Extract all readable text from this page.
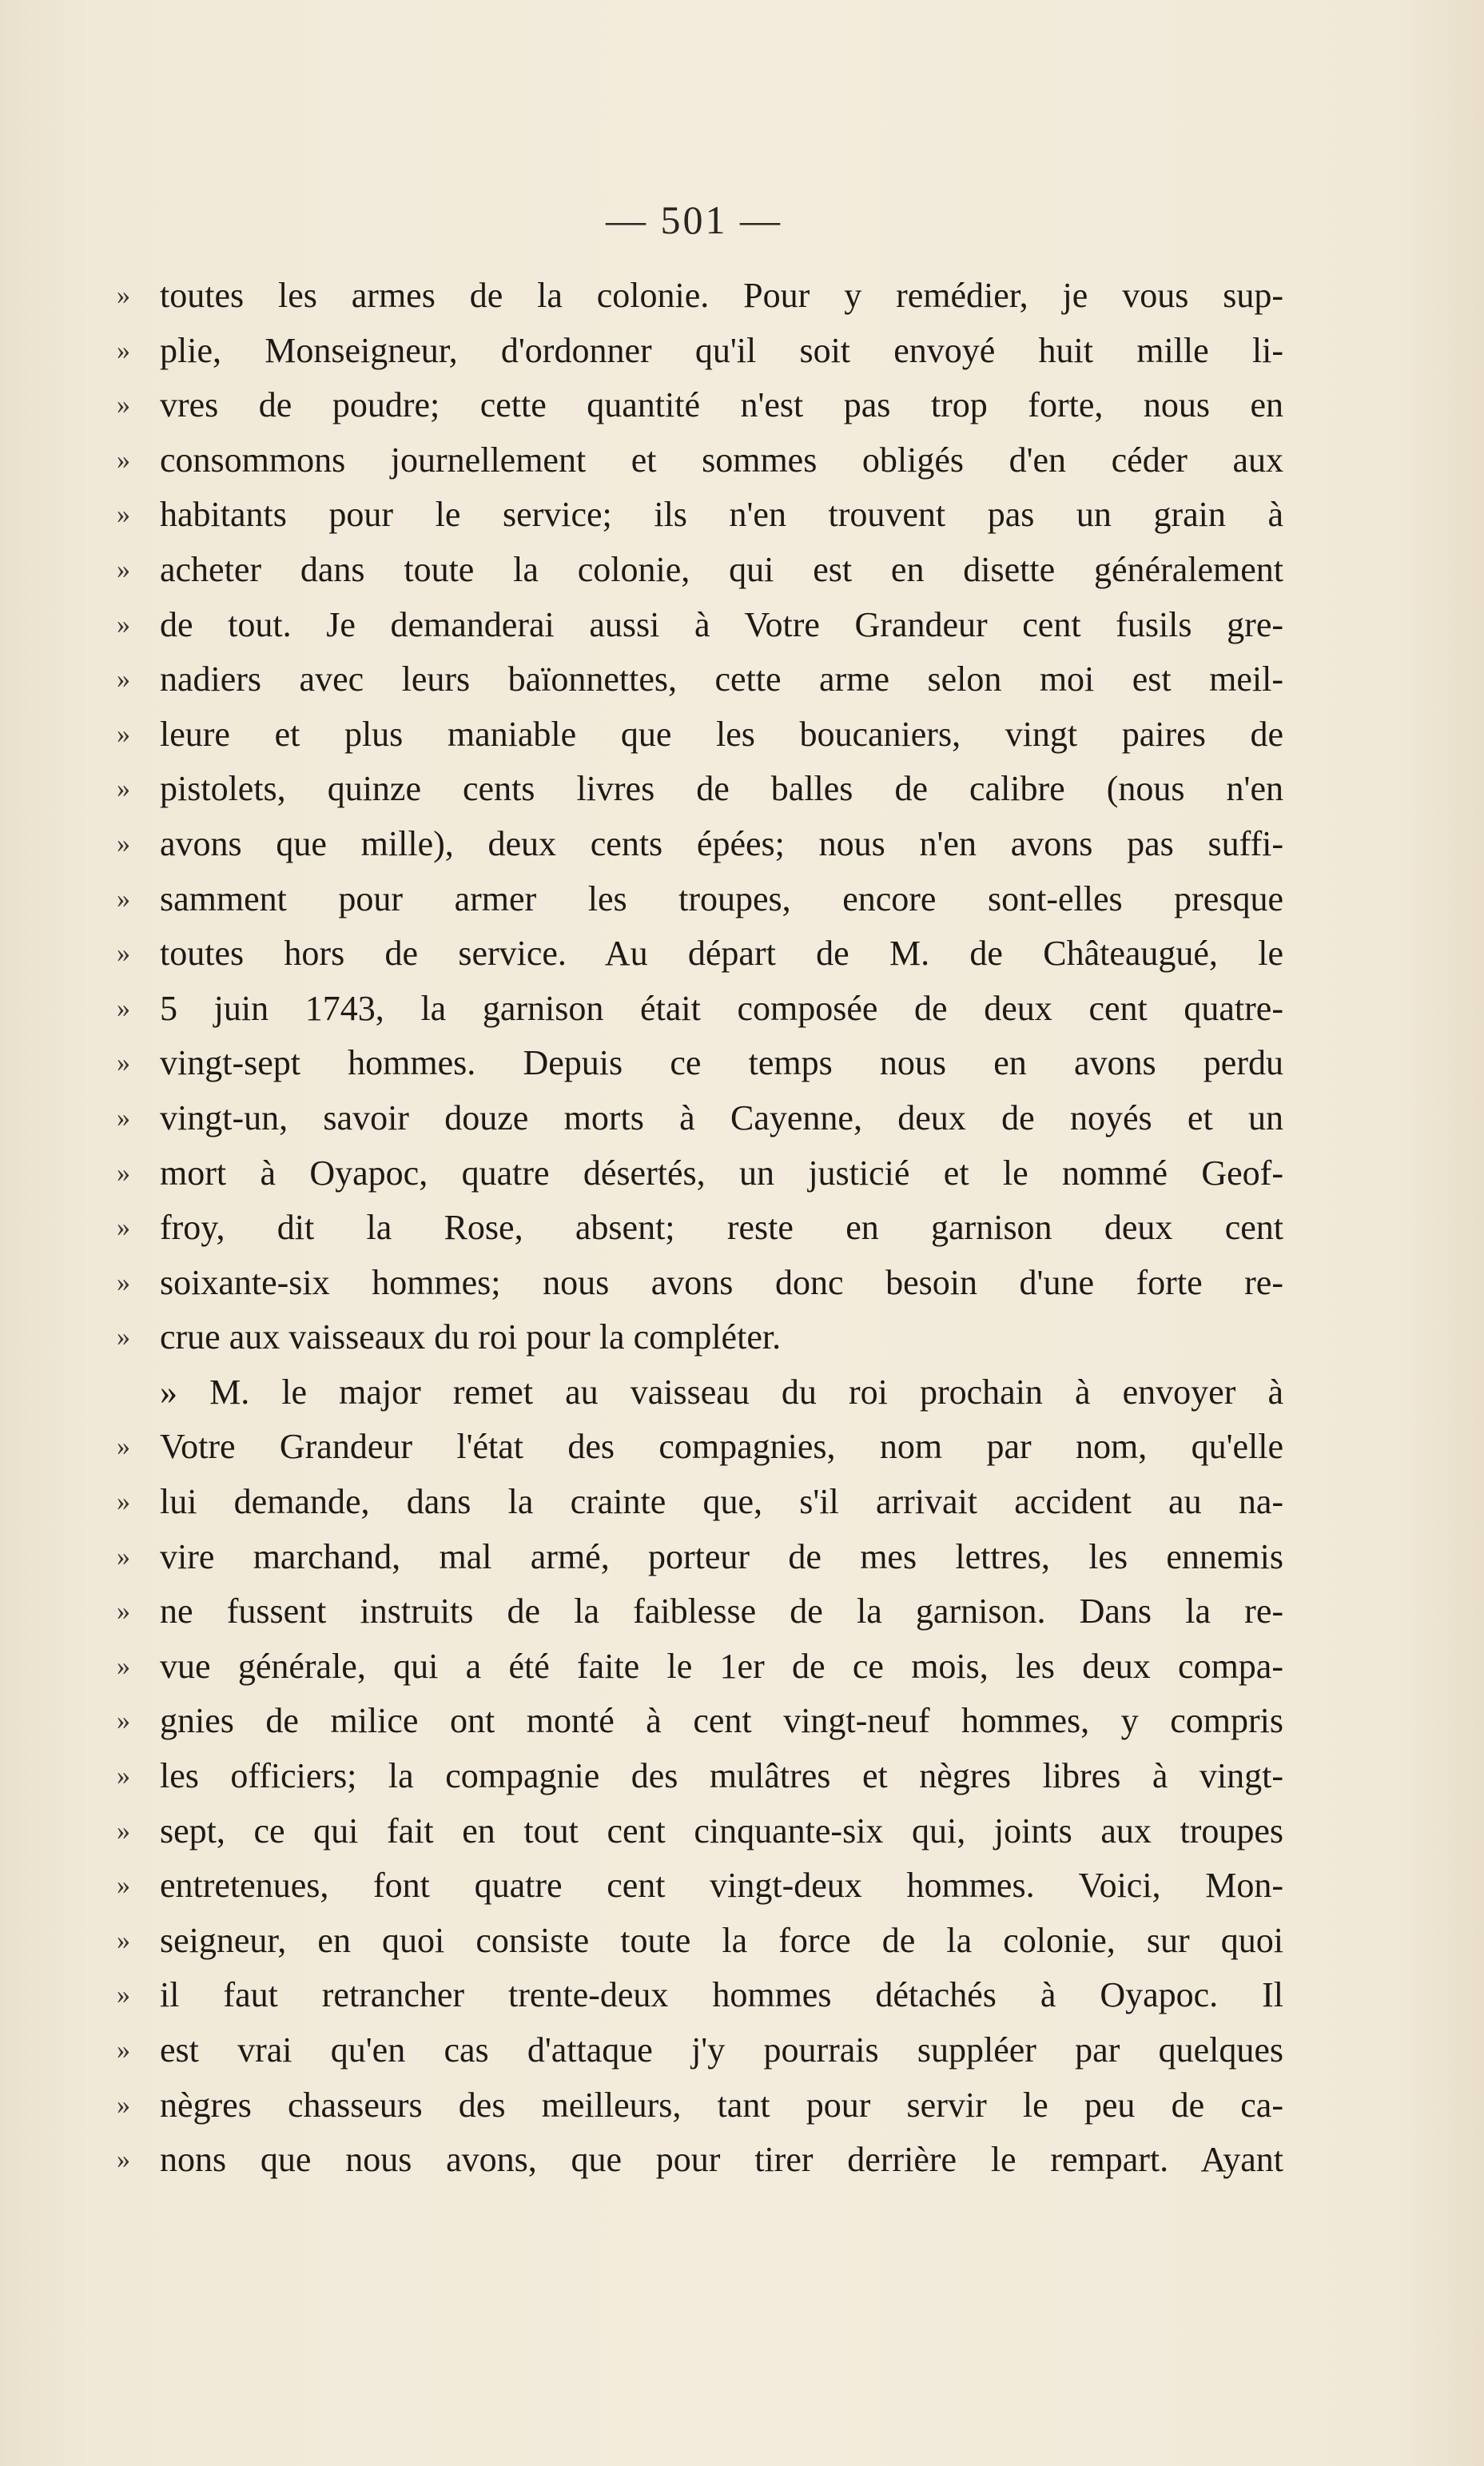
— 501 —
» toutes les armes de la colonie. Pour y remédier, je vous sup-
» plie, Monseigneur, d'ordonner qu'il soit envoyé huit mille li-
» vres de poudre; cette quantité n'est pas trop forte, nous en
» consommons journellement et sommes obligés d'en céder aux
» habitants pour le service; ils n'en trouvent pas un grain à
» acheter dans toute la colonie, qui est en disette généralement
» de tout. Je demanderai aussi à Votre Grandeur cent fusils gre-
» nadiers avec leurs baïonnettes, cette arme selon moi est meil-
» leure et plus maniable que les boucaniers, vingt paires de
» pistolets, quinze cents livres de balles de calibre (nous n'en
» avons que mille), deux cents épées; nous n'en avons pas suffi-
» samment pour armer les troupes, encore sont-elles presque
» toutes hors de service. Au départ de M. de Châteaugué, le
» 5 juin 1743, la garnison était composée de deux cent quatre-
» vingt-sept hommes. Depuis ce temps nous en avons perdu
» vingt-un, savoir douze morts à Cayenne, deux de noyés et un
» mort à Oyapoc, quatre désertés, un justicié et le nommé Geof-
» froy, dit la Rose, absent; reste en garnison deux cent
» soixante-six hommes; nous avons donc besoin d'une forte re-
» crue aux vaisseaux du roi pour la compléter.
» M. le major remet au vaisseau du roi prochain à envoyer à
» Votre Grandeur l'état des compagnies, nom par nom, qu'elle
» lui demande, dans la crainte que, s'il arrivait accident au na-
» vire marchand, mal armé, porteur de mes lettres, les ennemis
» ne fussent instruits de la faiblesse de la garnison. Dans la re-
» vue générale, qui a été faite le 1er de ce mois, les deux compa-
» gnies de milice ont monté à cent vingt-neuf hommes, y compris
» les officiers; la compagnie des mulâtres et nègres libres à vingt-
» sept, ce qui fait en tout cent cinquante-six qui, joints aux troupes
» entretenues, font quatre cent vingt-deux hommes. Voici, Mon-
» seigneur, en quoi consiste toute la force de la colonie, sur quoi
» il faut retrancher trente-deux hommes détachés à Oyapoc. Il
» est vrai qu'en cas d'attaque j'y pourrais suppléer par quelques
» nègres chasseurs des meilleurs, tant pour servir le peu de ca-
» nons que nous avons, que pour tirer derrière le rempart. Ayant
